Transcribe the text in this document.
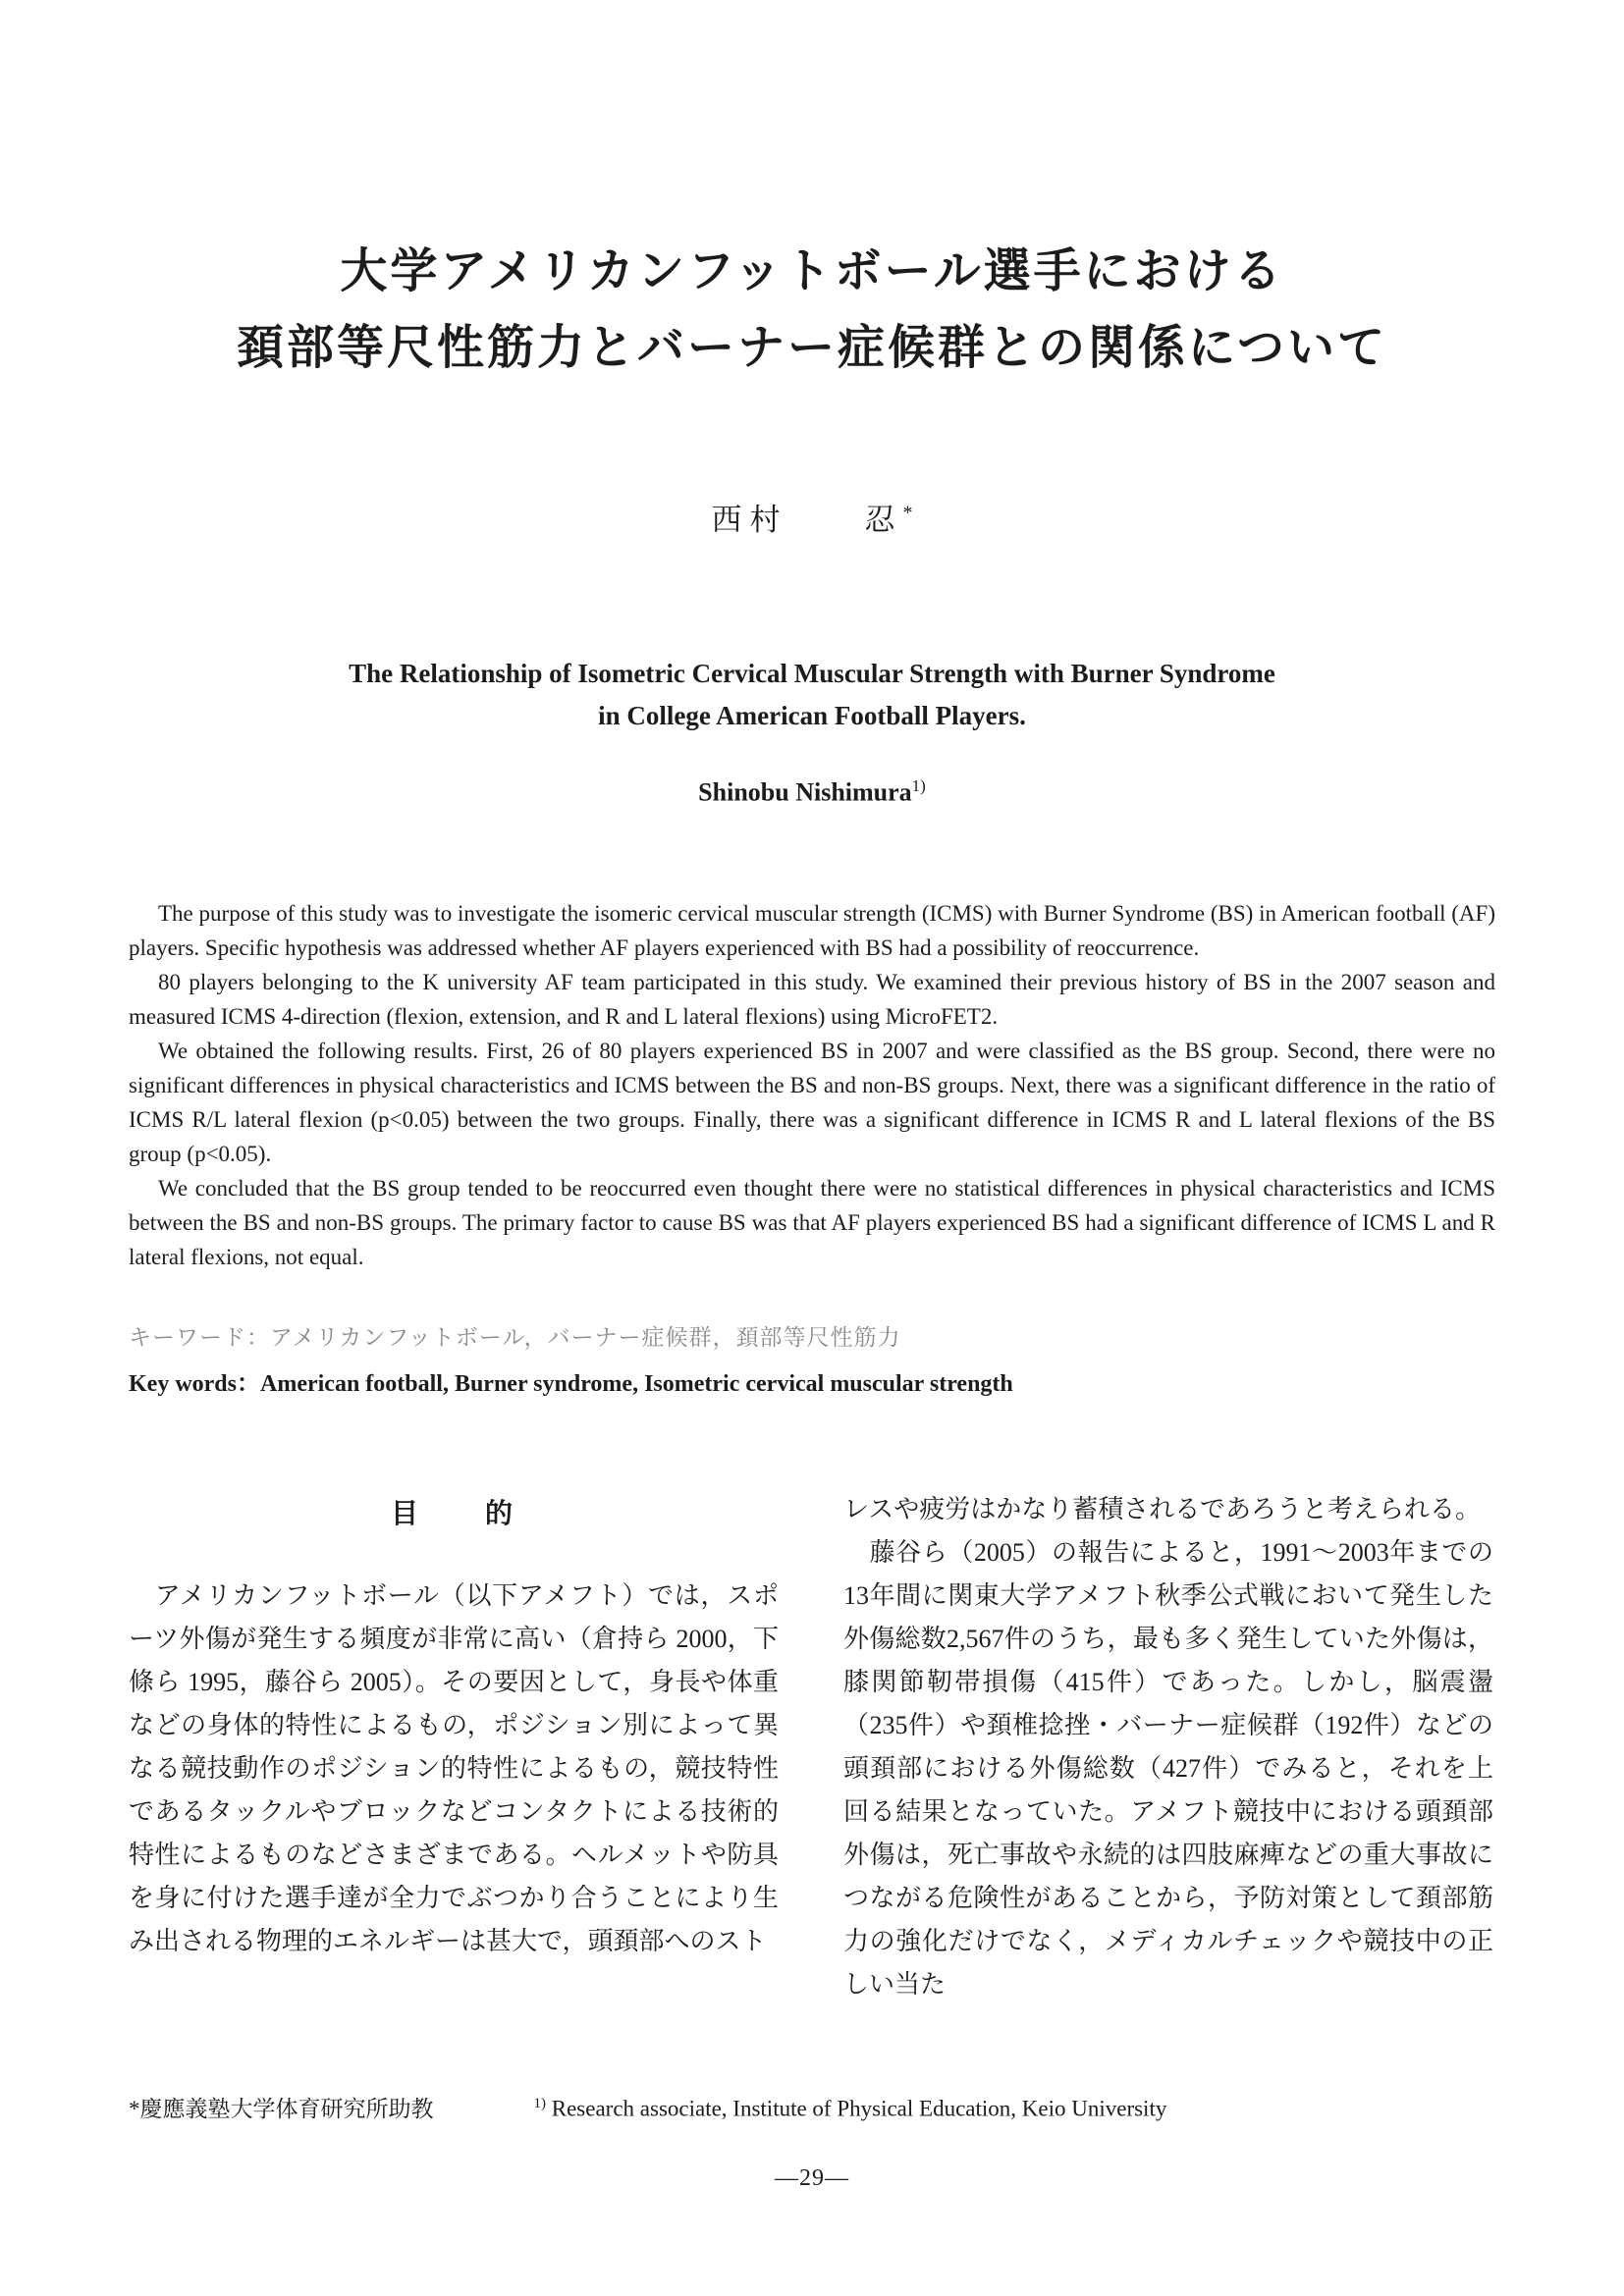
大学アメリカンフットボール選手における
頚部等尺性筋力とバーナー症候群との関係について
西村　　忍*
The Relationship of Isometric Cervical Muscular Strength with Burner Syndrome
in College American Football Players.
Shinobu Nishimura$^{1)}$

The purpose of this study was to investigate the isomeric cervical muscular strength (ICMS) with Burner Syndrome (BS) in American football (AF) players. Specific hypothesis was addressed whether AF players experienced with BS had a possibility of reoccurrence.

80 players belonging to the K university AF team participated in this study. We examined their previous history of BS in the 2007 season and measured ICMS 4-direction (flexion, extension, and R and L lateral flexions) using MicroFET2.

We obtained the following results. First, 26 of 80 players experienced BS in 2007 and were classified as the BS group. Second, there were no significant differences in physical characteristics and ICMS between the BS and non-BS groups. Next, there was a significant difference in the ratio of ICMS R/L lateral flexion (p<0.05) between the two groups. Finally, there was a significant difference in ICMS R and L lateral flexions of the BS group (p<0.05).

We concluded that the BS group tended to be reoccurred even thought there were no statistical differences in physical characteristics and ICMS between the BS and non-BS groups. The primary factor to cause BS was that AF players experienced BS had a significant difference of ICMS L and R lateral flexions, not equal.

キーワード：アメリカンフットボール，バーナー症候群，頚部等尺性筋力

Key words：American football, Burner syndrome, Isometric cervical muscular strength

目　　的

　アメリカンフットボール（以下アメフト）では，スポーツ外傷が発生する頻度が非常に高い（倉持ら 2000，下條ら 1995，藤谷ら 2005）。その要因として，身長や体重などの身体的特性によるもの，ポジション別によって異なる競技動作のポジション的特性によるもの，競技特性であるタックルやブロックなどコンタクトによる技術的特性によるものなどさまざまである。ヘルメットや防具を身に付けた選手達が全力でぶつかり合うことにより生み出される物理的エネルギーは甚大で，頭頚部へのスト

レスや疲労はかなり蓄積されるであろうと考えられる。

　藤谷ら（2005）の報告によると，1991〜2003年までの13年間に関東大学アメフト秋季公式戦において発生した外傷総数2,567件のうち，最も多く発生していた外傷は，膝関節靭帯損傷（415件）であった。しかし，脳震盪（235件）や頚椎捻挫・バーナー症候群（192件）などの頭頚部における外傷総数（427件）でみると，それを上回る結果となっていた。アメフト競技中における頭頚部外傷は，死亡事故や永続的は四肢麻痺などの重大事故につながる危険性があることから，予防対策として頚部筋力の強化だけでなく，メディカルチェックや競技中の正しい当た

*慶應義塾大学体育研究所助教	$^{1)}$ Research associate, Institute of Physical Education, Keio University
—29—
